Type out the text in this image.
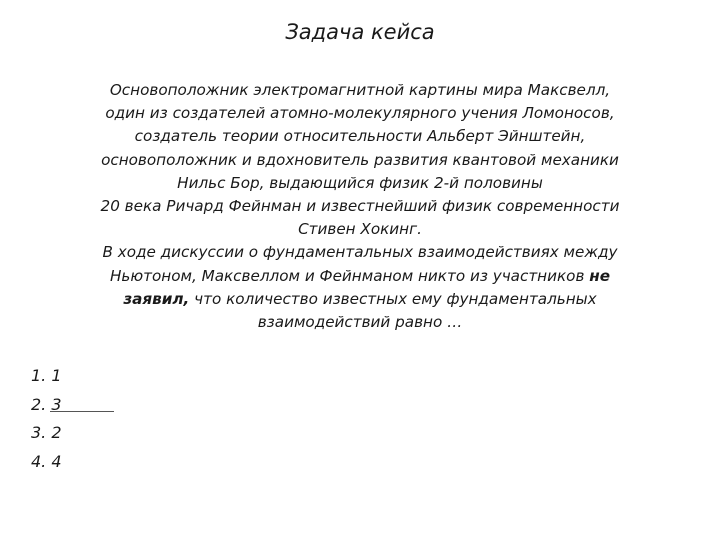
Задача кейса
Основоположник электромагнитной картины мира Максвелл,
один из создателей атомно-молекулярного учения Ломоносов,
создатель теории относительности Альберт Эйнштейн,
основоположник и вдохновитель развития квантовой механики
Нильс Бор, выдающийся физик 2-й половины
20 века Ричард Фейнман и известнейший физик современности
Стивен Хокинг.
В ходе дискуссии о фундаментальных взаимодействиях между
Ньютоном, Максвеллом и Фейнманом никто из участников не
заявил, что количество известных ему фундаментальных
взаимодействий равно …
1. 1
2. 3
3. 2
4. 4
